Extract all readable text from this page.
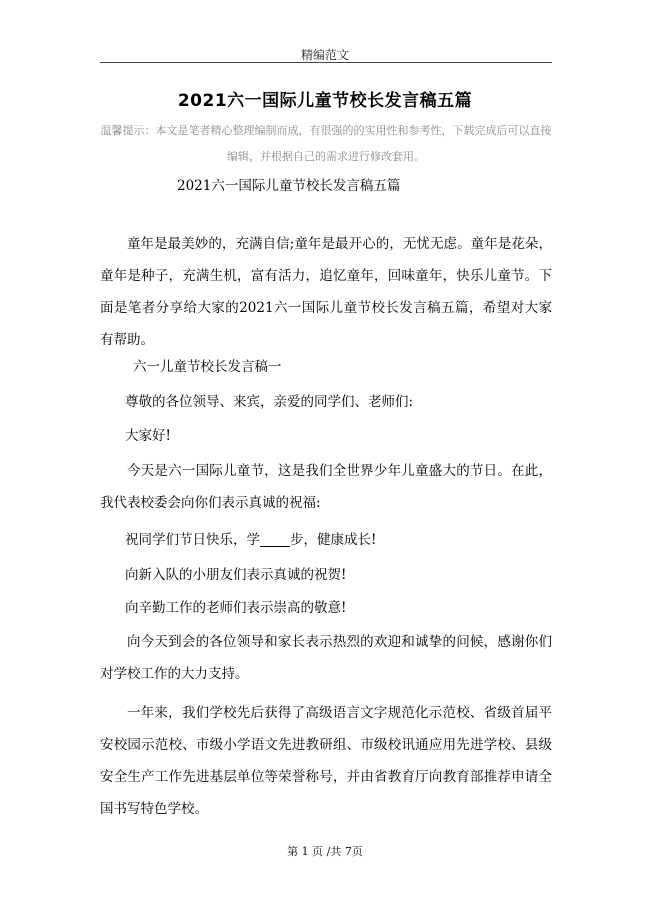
精编范文
2021六一国际儿童节校长发言稿五篇
温馨提示：本文是笔者精心整理编制而成，有很强的的实用性和参考性，下载完成后可以直接编辑，并根据自己的需求进行修改套用。
2021六一国际儿童节校长发言稿五篇

童年是最美妙的，充满自信;童年是最开心的，无忧无虑。童年是花朵，童年是种子，充满生机，富有活力，追忆童年，回味童年，快乐儿童节。下面是笔者分享给大家的2021六一国际儿童节校长发言稿五篇，希望对大家有帮助。

六一儿童节校长发言稿一

尊敬的各位领导、来宾，亲爱的同学们、老师们:

大家好!

今天是六一国际儿童节，这是我们全世界少年儿童盛大的节日。在此，我代表校委会向你们表示真诚的祝福:

祝同学们节日快乐，学 步，健康成长!

向新入队的小朋友们表示真诚的祝贺!

向辛勤工作的老师们表示崇高的敬意!

向今天到会的各位领导和家长表示热烈的欢迎和诚挚的问候，感谢你们对学校工作的大力支持。

一年来，我们学校先后获得了高级语言文字规范化示范校、省级首届平安校园示范校、市级小学语文先进教研组、市级校讯通应用先进学校、县级安全生产工作先进基层单位等荣誉称号，并由省教育厅向教育部推荐申请全国书写特色学校。

第 1 页 /共 7页
